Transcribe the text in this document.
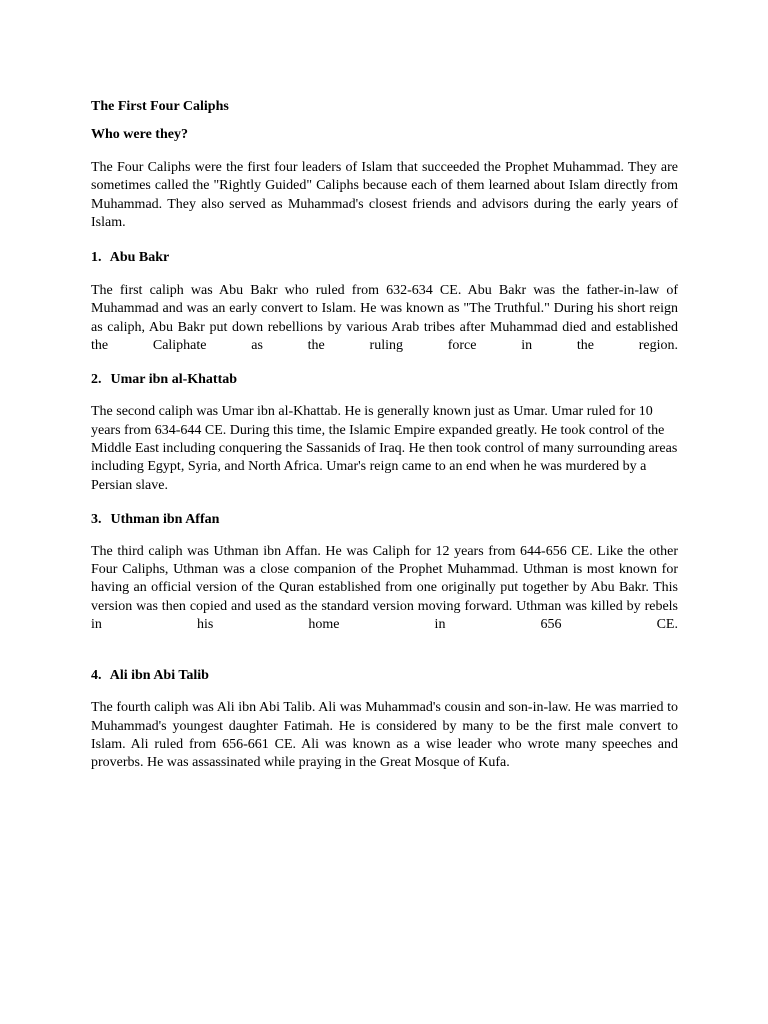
The First Four Caliphs
Who were they?

The Four Caliphs were the first four leaders of Islam that succeeded the Prophet Muhammad. They are sometimes called the "Rightly Guided" Caliphs because each of them learned about Islam directly from Muhammad. They also served as Muhammad's closest friends and advisors during the early years of Islam.

1. Abu Bakr

The first caliph was Abu Bakr who ruled from 632-634 CE. Abu Bakr was the father-in-law of Muhammad and was an early convert to Islam. He was known as "The Truthful." During his short reign as caliph, Abu Bakr put down rebellions by various Arab tribes after Muhammad died and established the Caliphate as the ruling force in the region.

2. Umar ibn al-Khattab

The second caliph was Umar ibn al-Khattab. He is generally known just as Umar. Umar ruled for 10 years from 634-644 CE. During this time, the Islamic Empire expanded greatly. He took control of the Middle East including conquering the Sassanids of Iraq. He then took control of many surrounding areas including Egypt, Syria, and North Africa. Umar's reign came to an end when he was murdered by a Persian slave.

3. Uthman ibn Affan

The third caliph was Uthman ibn Affan. He was Caliph for 12 years from 644-656 CE. Like the other Four Caliphs, Uthman was a close companion of the Prophet Muhammad. Uthman is most known for having an official version of the Quran established from one originally put together by Abu Bakr. This version was then copied and used as the standard version moving forward. Uthman was killed by rebels in his home in 656 CE.

4. Ali ibn Abi Talib

The fourth caliph was Ali ibn Abi Talib. Ali was Muhammad's cousin and son-in-law. He was married to Muhammad's youngest daughter Fatimah. He is considered by many to be the first male convert to Islam. Ali ruled from 656-661 CE. Ali was known as a wise leader who wrote many speeches and proverbs. He was assassinated while praying in the Great Mosque of Kufa.
